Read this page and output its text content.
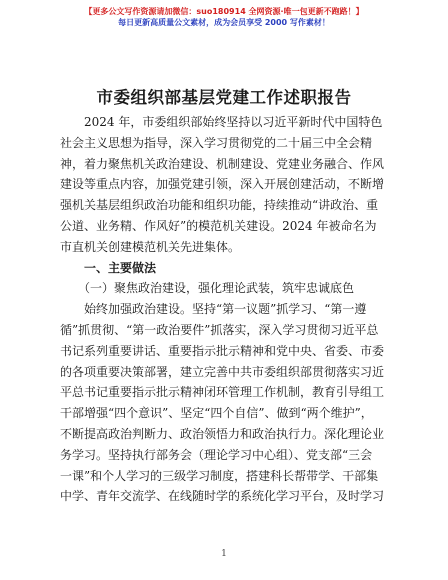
【更多公文写作资源请加微信：suo180914 全网资源·唯一包更新不跑路！】
每日更新高质量公文素材，成为会员享受 2000 写作素材！
市委组织部基层党建工作述职报告
　　2024 年，市委组织部始终坚持以习近平新时代中国特色
社会主义思想为指导，深入学习贯彻党的二十届三中全会精
神，着力聚焦机关政治建设、机制建设、党建业务融合、作风
建设等重点内容，加强党建引领，深入开展创建活动，不断增
强机关基层组织政治功能和组织功能，持续推动“讲政治、重
公道、业务精、作风好”的模范机关建设。2024 年被命名为
市直机关创建模范机关先进集体。
　　一、主要做法
　　（一）聚焦政治建设，强化理论武装，筑牢忠诚底色
　　始终加强政治建设。坚持“第一议题”抓学习、“第一遵
循”抓贯彻、“第一政治要件”抓落实，深入学习贯彻习近平总
书记系列重要讲话、重要指示批示精神和党中央、省委、市委
的各项重要决策部署，建立完善中共市委组织部贯彻落实习近
平总书记重要指示批示精神闭环管理工作机制，教育引导组工
干部增强“四个意识”、坚定“四个自信”、做到“两个维护”，
不断提高政治判断力、政治领悟力和政治执行力。深化理论业
务学习。坚持执行部务会（理论学习中心组）、党支部“三会
一课”和个人学习的三级学习制度，搭建科长帮带学、干部集
中学、青年交流学、在线随时学的系统化学习平台，及时学习
1
